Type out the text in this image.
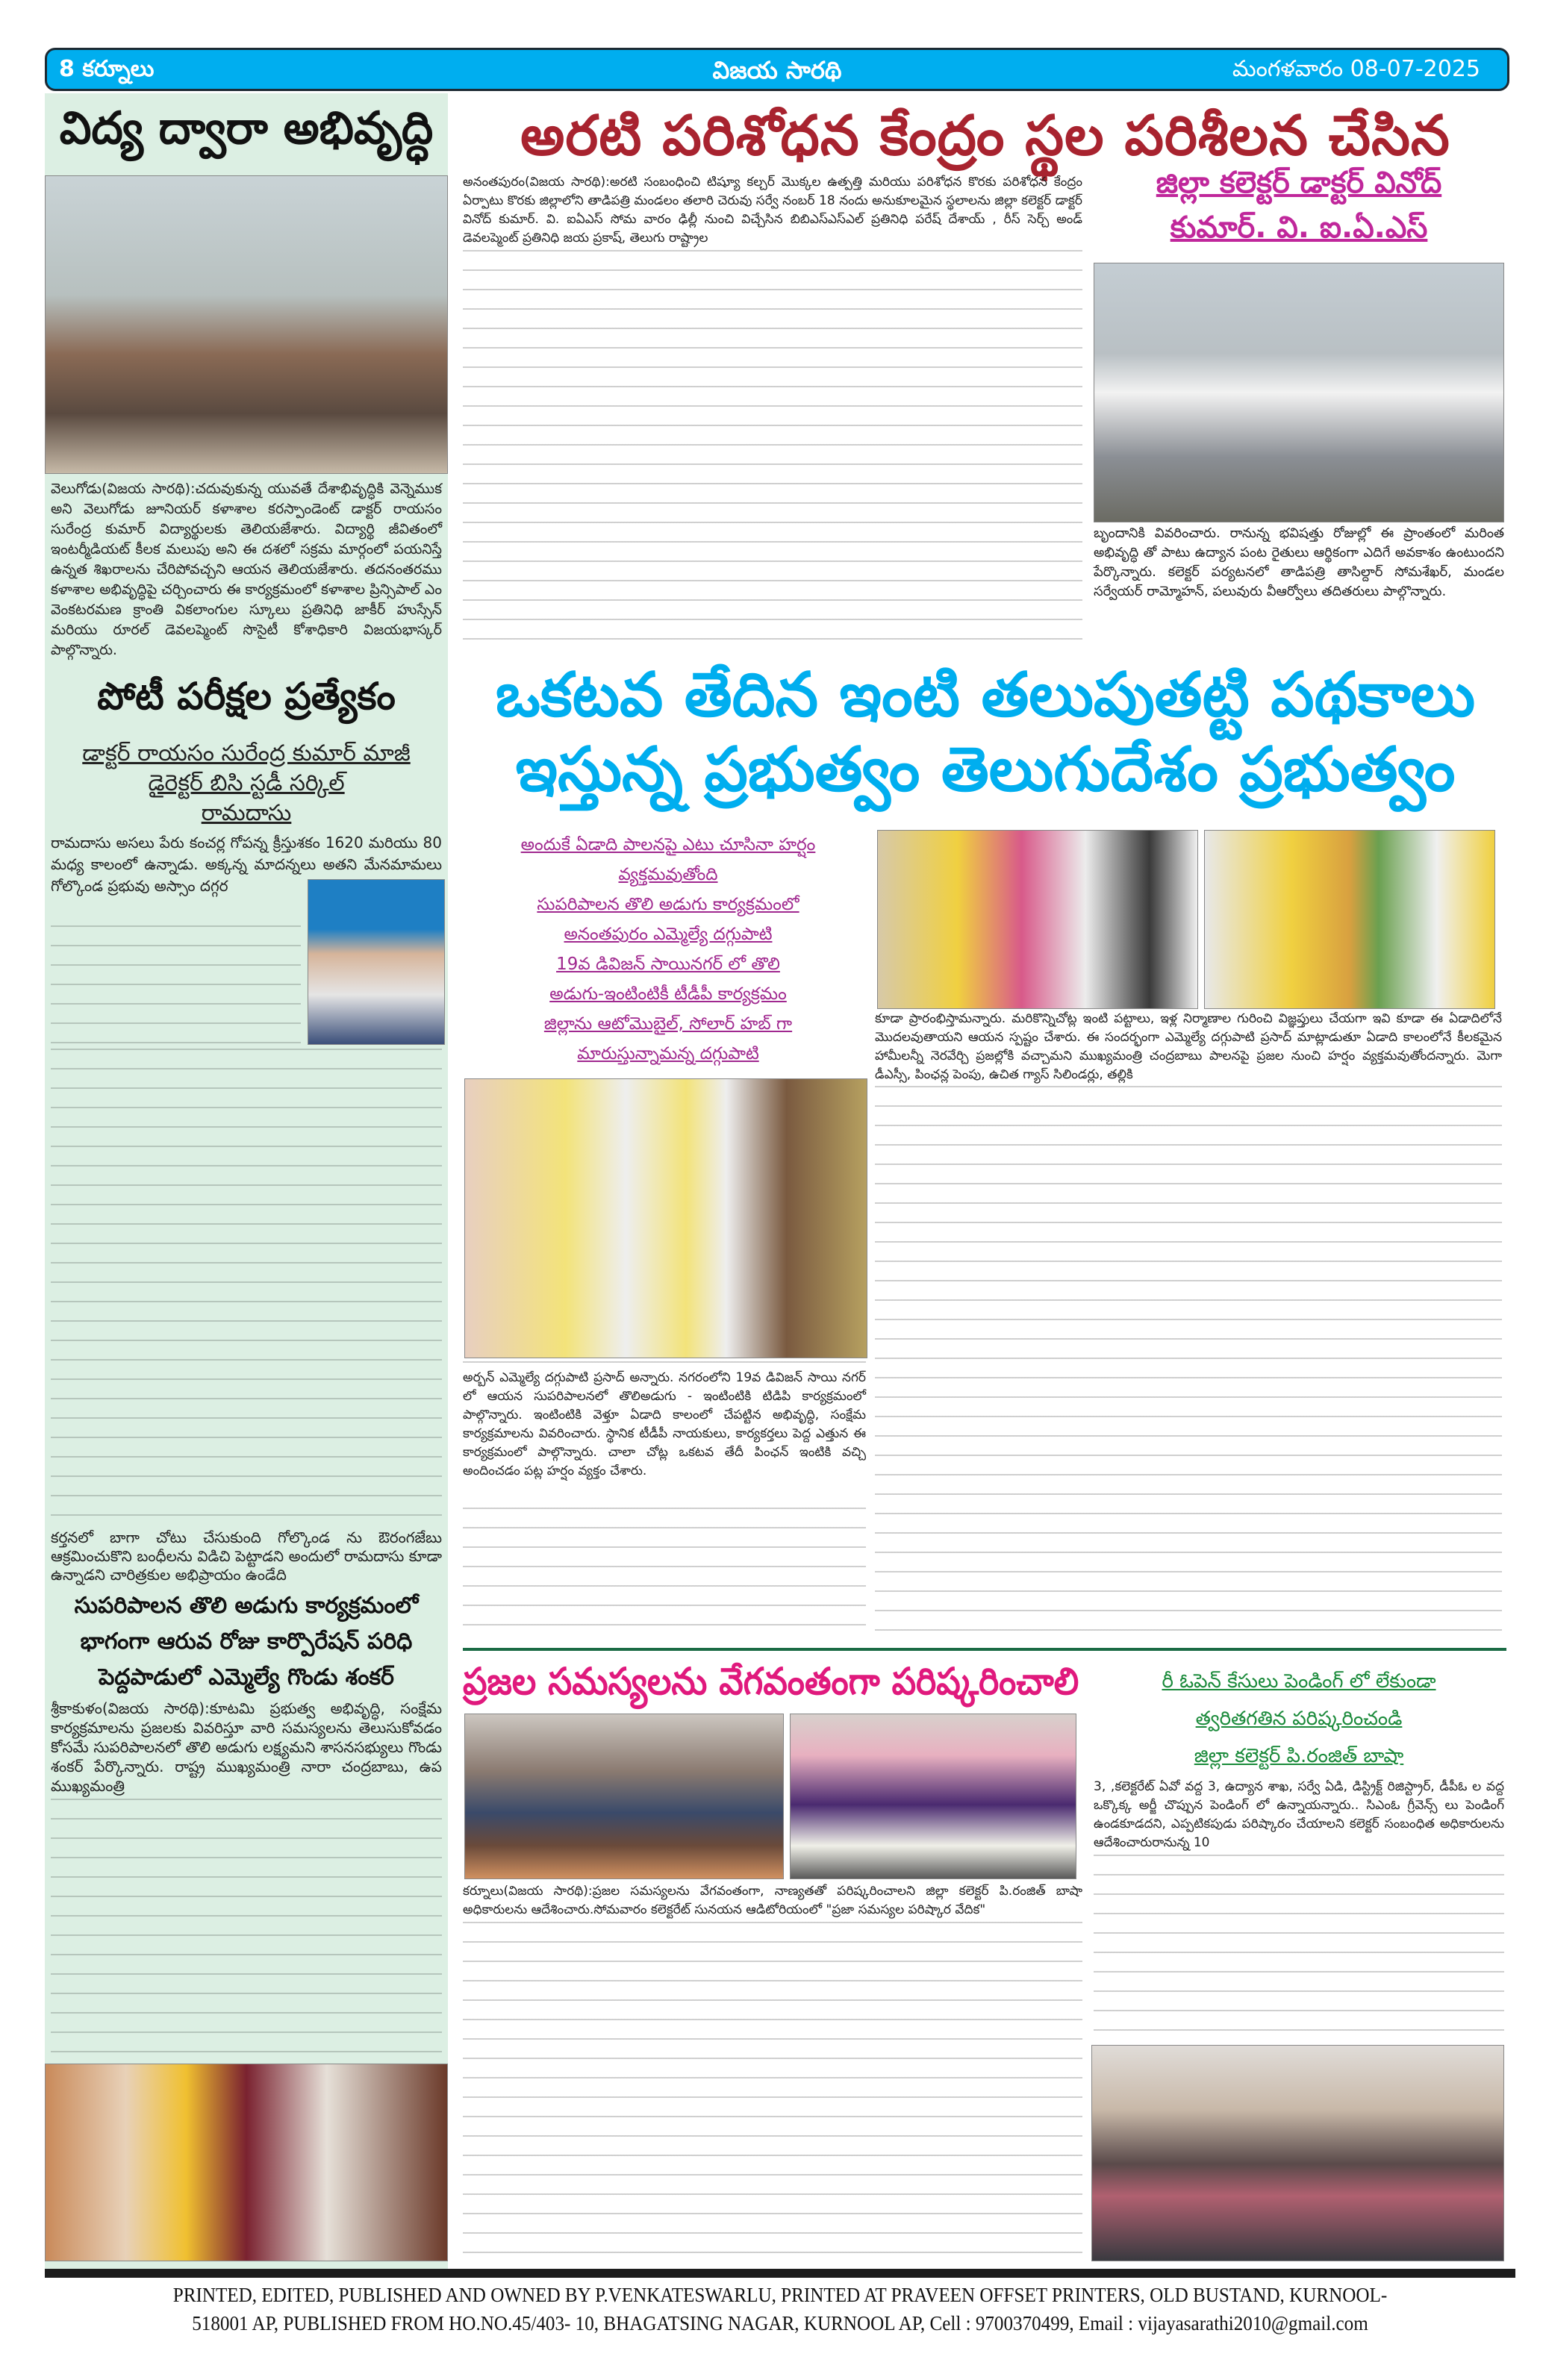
8 కర్నూలు	విజయ సారథి	మంగళవారం 08-07-2025
విద్య ద్వారా అభివృద్ధి
వెలుగోడు(విజయ సారథి):చదువుకున్న యువతే దేశాభివృద్ధికి వెన్నెముక అని వెలుగోడు జూనియర్ కళాశాల కరస్పాండెంట్ డాక్టర్ రాయసం సురేంద్ర కుమార్ విద్యార్థులకు తెలియజేశారు. విద్యార్థి జీవితంలో ఇంటర్మీడియట్ కీలక మలుపు అని ఈ దశలో సక్రమ మార్గంలో పయనిస్తే ఉన్నత శిఖరాలను చేరిపోవచ్చని ఆయన తెలియజేశారు. తదనంతరము కళాశాల అభివృద్ధిపై చర్చించారు ఈ కార్యక్రమంలో కళాశాల ప్రిన్సిపాల్ ఎం వెంకటరమణ క్రాంతి వికలాంగుల స్కూలు ప్రతినిధి జాకీర్ హుస్సేన్ మరియు రూరల్ డెవలప్మెంట్ సొసైటీ కోశాధికారి విజయభాస్కర్ పాల్గొన్నారు.
పోటీ పరీక్షల ప్రత్యేకం
డాక్టర్ రాయసం సురేంద్ర కుమార్ మాజీ
డైరెక్టర్ బిసి స్టడీ సర్కిల్
రామదాసు
రామదాసు అసలు పేరు కంచర్ల గోపన్న క్రీస్తుశకం 1620 మరియు 80 మధ్య కాలంలో ఉన్నాడు. అక్కన్న మాదన్నలు అతని మేనమామలు గోల్కొండ ప్రభువు అస్సాం దగ్గర
కర్తనలో బాగా చోటు చేసుకుంది గోల్కొండ ను ఔరంగజేబు ఆక్రమించుకొని బంధీలను విడిచి పెట్టాడని అందులో రామదాసు కూడా ఉన్నాడని చారిత్రకుల అభిప్రాయం ఉండేది
సుపరిపాలన తొలి అడుగు కార్యక్రమంలో
భాగంగా ఆరువ రోజు కార్పొరేషన్ పరిధి
పెద్దపాడులో ఎమ్మెల్యే గొండు శంకర్
శ్రీకాకుళం(విజయ సారథి):కూటమి ప్రభుత్వ అభివృద్ధి, సంక్షేమ కార్యక్రమాలను ప్రజలకు వివరిస్తూ వారి సమస్యలను తెలుసుకోవడం కోసమే సుపరిపాలనలో తొలి అడుగు లక్ష్యమని శాసనసభ్యులు గొండు శంకర్ పేర్కొన్నారు. రాష్ట్ర ముఖ్యమంత్రి నారా చంద్రబాబు, ఉప ముఖ్యమంత్రి
అరటి పరిశోధన కేంద్రం స్థల పరిశీలన చేసిన
అనంతపురం(విజయ సారథి):అరటి సంబంధించి టిష్యూ కల్చర్ మొక్కల ఉత్పత్తి మరియు పరిశోధన కొరకు పరిశోధన కేంద్రం ఏర్పాటు కొరకు జిల్లాలోని తాడిపత్రి మండలం తలారి చెరువు సర్వే నంబర్ 18 నందు అనుకూలమైన స్థలాలను జిల్లా కలెక్టర్ డాక్టర్ వినోద్ కుమార్. వి. ఐఏఎస్ సోమ వారం ఢిల్లీ నుంచి విచ్చేసిన బిబిఎస్ఎస్ఎల్ ప్రతినిధి పరేష్ దేశాయ్ , రీస్ సెర్చ్ అండ్ డెవలప్మెంట్ ప్రతినిధి జయ ప్రకాష్, తెలుగు రాష్ట్రాల
జిల్లా కలెక్టర్ డాక్టర్ వినోద్
కుమార్. వి. ఐ.ఏ.ఎస్
బృందానికి వివరించారు. రానున్న భవిషత్తు రోజుల్లో ఈ ప్రాంతంలో మరింత అభివృద్ధి తో పాటు ఉద్యాన పంట రైతులు ఆర్థికంగా ఎదిగే అవకాశం ఉంటుందని పేర్కొన్నారు. కలెక్టర్ పర్యటనలో తాడిపత్రి తాసిల్దార్ సోమశేఖర్, మండల సర్వేయర్ రామ్మోహన్, పలువురు వీఆర్వోలు తదితరులు పాల్గొన్నారు.
ఒకటవ తేదిన ఇంటి తలుపుతట్టి పథకాలు
ఇస్తున్న ప్రభుత్వం తెలుగుదేశం ప్రభుత్వం
అందుకే ఏడాది పాలనపై ఎటు చూసినా హర్షం
వ్యక్తమవుతోంది
సుపరిపాలన తొలి అడుగు కార్యక్రమంలో
అనంతపురం ఎమ్మెల్యే దగ్గుపాటి
19వ డివిజన్ సాయినగర్ లో తొలి
అడుగు-ఇంటింటికీ టీడీపీ కార్యక్రమం
జిల్లాను ఆటోమొబైల్, సోలార్ హబ్ గా
మారుస్తున్నామన్న దగ్గుపాటి
అర్బన్ ఎమ్మెల్యే దగ్గుపాటి ప్రసాద్ అన్నారు. నగరంలోని 19వ డివిజన్ సాయి నగర్ లో ఆయన సుపరిపాలనలో తొలిఅడుగు - ఇంటింటికి టిడిపి కార్యక్రమంలో పాల్గొన్నారు. ఇంటింటికి వెళ్తూ ఏడాది కాలంలో చేపట్టిన అభివృద్ధి, సంక్షేమ కార్యక్రమాలను వివరించారు. స్థానిక టీడీపీ నాయకులు, కార్యకర్తలు పెద్ద ఎత్తున ఈ కార్యక్రమంలో పాల్గొన్నారు. చాలా చోట్ల ఒకటవ తేదీ పింఛన్ ఇంటికి వచ్చి అందించడం పట్ల హర్షం వ్యక్తం చేశారు.
కూడా ప్రారంభిస్తామన్నారు. మరికొన్నిచోట్ల ఇంటి పట్టాలు, ఇళ్ల నిర్మాణాల గురించి విజ్ఞప్తులు చేయగా ఇవి కూడా ఈ ఏడాదిలోనే మొదలవుతాయని ఆయన స్పష్టం చేశారు. ఈ సందర్భంగా ఎమ్మెల్యే దగ్గుపాటి ప్రసాద్ మాట్లాడుతూ ఏడాది కాలంలోనే కీలకమైన హామీలన్నీ నెరవేర్చి ప్రజల్లోకి వచ్చామని ముఖ్యమంత్రి చంద్రబాబు పాలనపై ప్రజల నుంచి హర్షం వ్యక్తమవుతోందన్నారు. మెగా డీఎస్సీ, పింఛన్ల పెంపు, ఉచిత గ్యాస్ సిలిండర్లు, తల్లికి
ప్రజల సమస్యలను వేగవంతంగా పరిష్కరించాలి
కర్నూలు(విజయ సారథి):ప్రజల సమస్యలను వేగవంతంగా, నాణ్యతతో పరిష్కరించాలని జిల్లా కలెక్టర్ పి.రంజిత్ బాషా అధికారులను ఆదేశించారు.సోమవారం కలెక్టరేట్ సునయన ఆడిటోరియంలో "ప్రజా సమస్యల పరిష్కార వేదిక"
రీ ఓపెన్ కేసులు పెండింగ్ లో లేకుండా
త్వరితగతిన పరిష్కరించండి
జిల్లా కలెక్టర్ పి.రంజిత్ బాషా
3, ,కలెక్టరేట్ ఏవో వద్ద 3, ఉద్యాన శాఖ, సర్వే ఏడి, డిస్ట్రిక్ట్ రిజిస్ట్రార్, డీపీఓ ల వద్ద ఒక్కొక్క అర్జీ చొప్పున పెండింగ్ లో ఉన్నాయన్నారు.. సిఎంఓ గ్రీవెన్స్ లు పెండింగ్ ఉండకూడదని, ఎప్పటికపుడు పరిష్కారం చేయాలని కలెక్టర్ సంబంధిత అధికారులను ఆదేశించారురానున్న 10
PRINTED, EDITED, PUBLISHED AND OWNED BY P.VENKATESWARLU, PRINTED AT PRAVEEN OFFSET PRINTERS, OLD BUSTAND, KURNOOL-
518001 AP, PUBLISHED FROM HO.NO.45/403- 10, BHAGATSING NAGAR, KURNOOL AP, Cell : 9700370499, Email : vijayasarathi2010@gmail.com
